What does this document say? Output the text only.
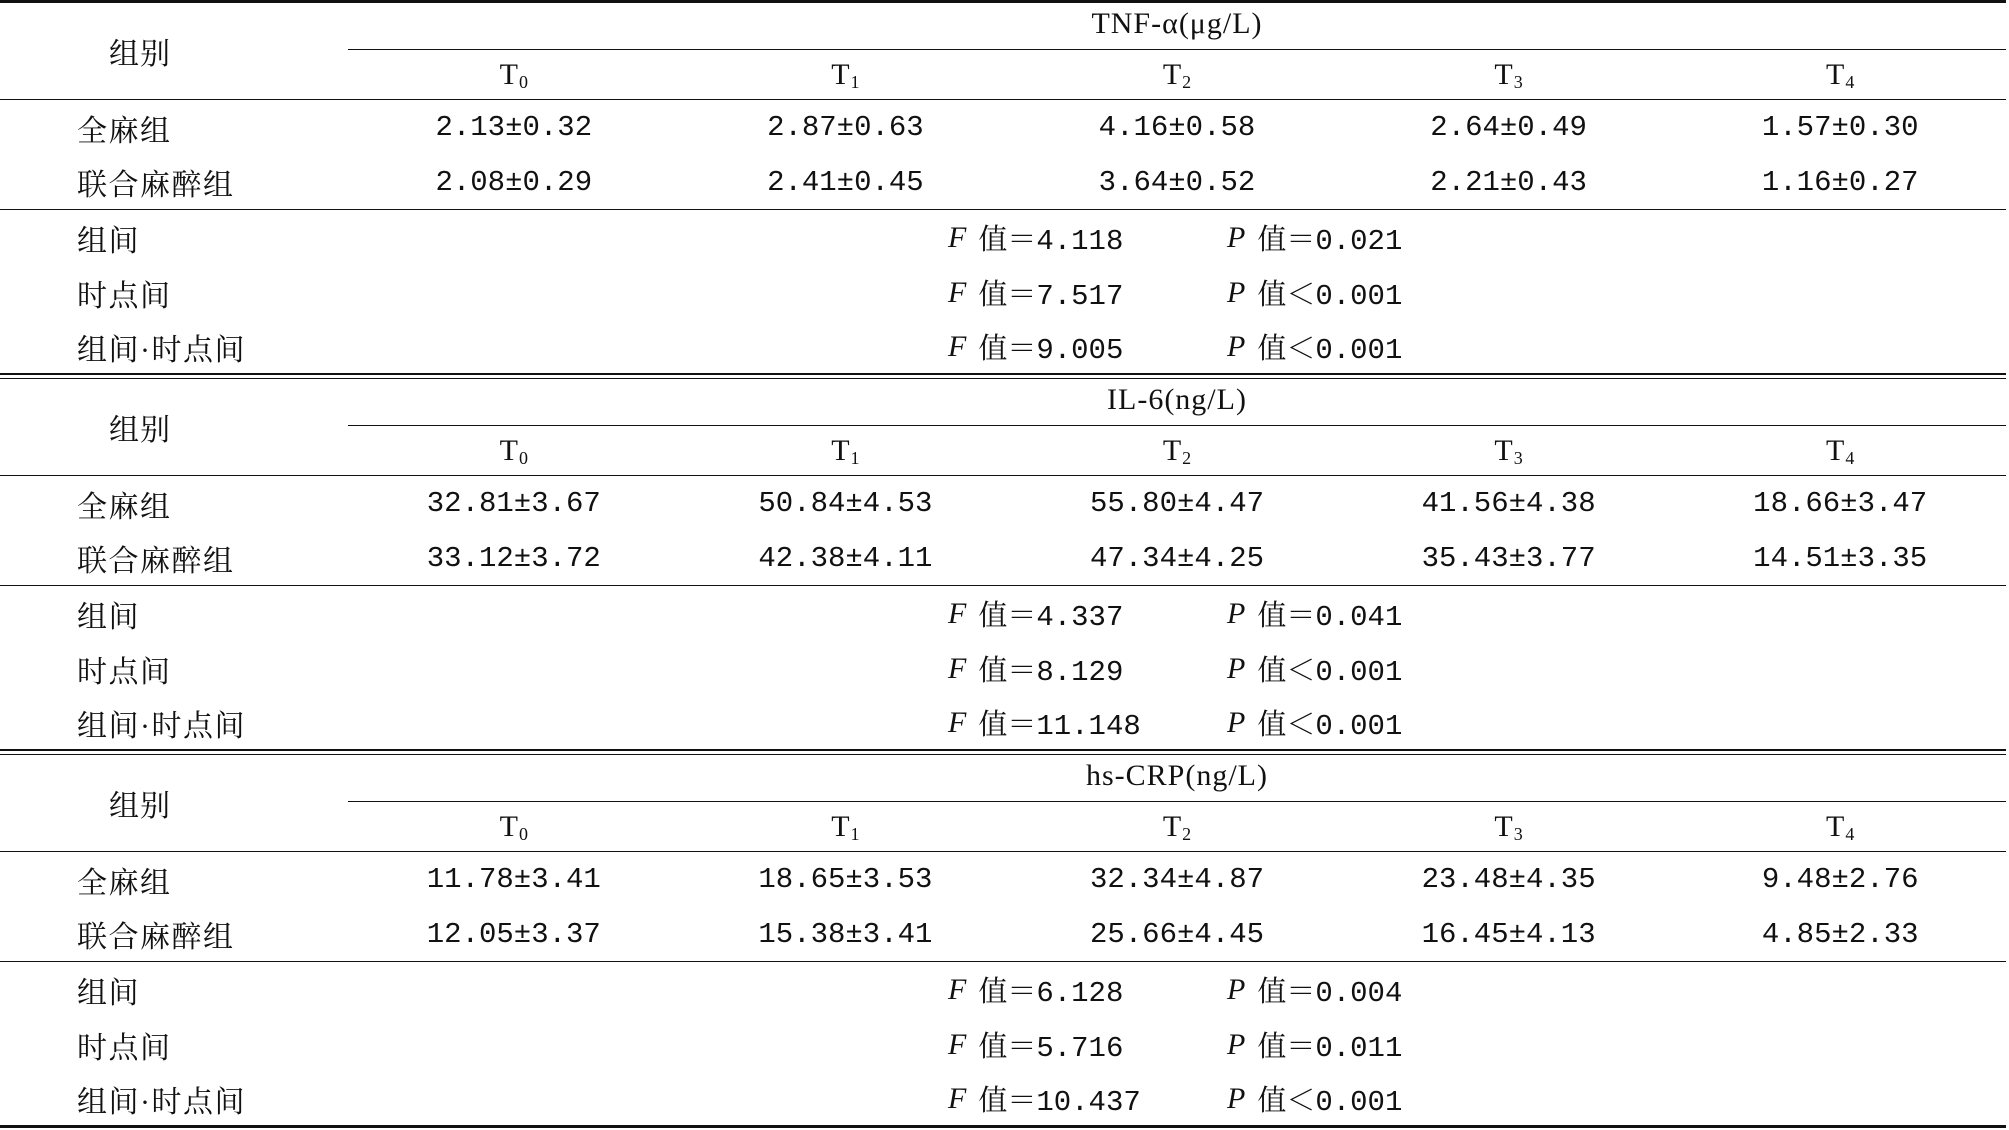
组别
TNF-α(μg/L)
$T_0$	$T_1$	$T_2$	$T_3$	$T_4$
全麻组	2.13±0.32	2.87±0.63	4.16±0.58	2.64±0.49	1.57±0.30
联合麻醉组	2.08±0.29	2.41±0.45	3.64±0.52	2.21±0.43	1.16±0.27
组间	F 值＝4.118	P 值＝0.021
时点间	F 值＝7.517	P 值＜0.001
组间·时点间	F 值＝9.005	P 值＜0.001
组别
IL-6(ng/L)
$T_0$	$T_1$	$T_2$	$T_3$	$T_4$
全麻组	32.81±3.67	50.84±4.53	55.80±4.47	41.56±4.38	18.66±3.47
联合麻醉组	33.12±3.72	42.38±4.11	47.34±4.25	35.43±3.77	14.51±3.35
组间	F 值＝4.337	P 值＝0.041
时点间	F 值＝8.129	P 值＜0.001
组间·时点间	F 值＝11.148	P 值＜0.001
组别
hs-CRP(ng/L)
$T_0$	$T_1$	$T_2$	$T_3$	$T_4$
全麻组	11.78±3.41	18.65±3.53	32.34±4.87	23.48±4.35	9.48±2.76
联合麻醉组	12.05±3.37	15.38±3.41	25.66±4.45	16.45±4.13	4.85±2.33
组间	F 值＝6.128	P 值＝0.004
时点间	F 值＝5.716	P 值＝0.011
组间·时点间	F 值＝10.437	P 值＜0.001
